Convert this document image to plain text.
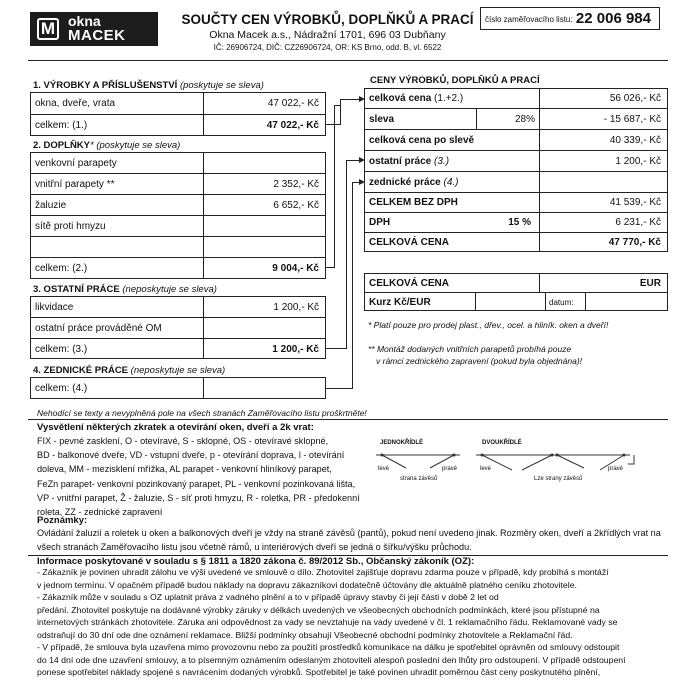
M okna
MACEK
SOUČTY CEN VÝROBKŮ, DOPLŇKŮ A PRACÍ
Okna Macek a.s., Nádražní 1701, 696 03 Dubňany
IČ: 26906724, DIČ: CZ26906724, OR: KS Brno, odd. B, vl. 6522
číslo zaměřovacího listu: 22 006 984
1. VÝROBKY A PŘÍSLUŠENSTVÍ (poskytuje se sleva)
okna, dveře, vrata	47 022,- Kč
celkem: (1.)	47 022,- Kč
2. DOPLŇKY* (poskytuje se sleva)
venkovní parapety
vnitřní parapety **	2 352,- Kč
žaluzie	6 652,- Kč
sítě proti hmyzu
celkem: (2.)	9 004,- Kč
3. OSTATNÍ PRÁCE (neposkytuje se sleva)
likvidace	1 200,- Kč
ostatní práce prováděné OM
celkem: (3.)	1 200,- Kč
4. ZEDNICKÉ PRÁCE (neposkytuje se sleva)
celkem: (4.)
CENY VÝROBKŮ, DOPLŇKŮ A PRACÍ
celková cena
(1.+2.)	56 026,- Kč
sleva	28%	- 15 687,- Kč
celková cena po slevě	40 339,- Kč
ostatní práce
(3.)	1 200,- Kč
zednické práce
(4.)
CELKEM BEZ DPH	41 539,- Kč
DPH	15 %	6 231,- Kč
CELKOVÁ CENA	47 770,- Kč
CELKOVÁ CENA	EUR
Kurz Kč/EUR	datum:
* Platí pouze pro prodej plast., dřev., ocel. a hliník. oken a dveří!
** Montáž dodaných vnitřních parapetů probíhá pouze
v rámci zednického zapravení (pokud byla objednána)!
Nehodící se texty a nevyplněná pole na všech stranách Zaměřovacího listu proškrtněte!
Vysvětlení některých zkratek a otevírání oken, dveří a 2k vrat:

FIX - pevné zasklení, O - otevíravé, S - sklopné, OS - otevíravé sklopné,

BD - balkonové dveře, VD - vstupní dveře, p - otevírání doprava, l - otevírání

doleva, MM - mezisklení mřížka, AL parapet - venkovní hliníkový parapet,

FeZn parapet- venkovní pozinkovaný parapet, PL - venkovní pozinkovaná lišta,

VP - vnitřní parapet, Ž - žaluzie, S - síť proti hmyzu, R - roletka, PR - předokenní

roleta, ZZ - zednické zapravení

JEDNOKŘÍDLÉ	DVOUKŘÍDLÉ
levé	pravé
strana závěsů
levé
Lze strany závěsů
pravé
Poznámky:

Ovládání žaluzií a roletek u oken a balkonových dveří je vždy na straně závěsů (pantů), pokud není uvedeno jinak. Rozměry oken, dveří a 2křídlých vrat na

všech stranách Zaměřovacího listu jsou včetně rámů, u interiérových dveří se jedná o šířku/výšku průchodu.

Informace poskytované v souladu s § 1811 a 1820 zákona č. 89/2012 Sb., Občanský zákoník (OZ):

- Zákazník je povinen uhradit zálohu ve výši uvedené ve smlouvě o dílo. Zhotovitel zajišťuje dopravu zdarma pouze v případě, kdy probíhá s montáží

v jednom termínu. V opačném případě budou náklady na dopravu zákazníkovi dodatečně účtovány dle aktuálně platného ceníku zhotovitele.

- Zákazník může v souladu s OZ uplatnit práva z vadného plnění a to v případě úpravy stavby či její části v době 2 let od

předání. Zhotovitel poskytuje na dodávané výrobky záruky v délkách uvedených ve všeobecných obchodních podmínkách, které jsou přístupné na

internetových stránkách zhotovitele. Záruka ani odpovědnost za vady se nevztahuje na vady uvedené v čl. 1 reklamačního řádu. Reklamované vady se

odstraňují do 30 dní ode dne oznámení reklamace. Bližší podmínky obsahují Všeobecné obchodní podmínky zhotovitele a Reklamační řád.

- V případě, že smlouva byla uzavřena mimo provozovnu nebo za použití prostředků komunikace na dálku je spotřebitel oprávněn od smlouvy odstoupit

do 14 dní ode dne uzavření smlouvy, a to písemným oznámením odeslaným zhotoviteli alespoň poslední den lhůty pro odstoupení. V případě odstoupení

ponese spotřebitel náklady spojené s navrácením dodaných výrobků. Spotřebitel je také povinen uhradit poměrnou část ceny poskytnutého plnění,
